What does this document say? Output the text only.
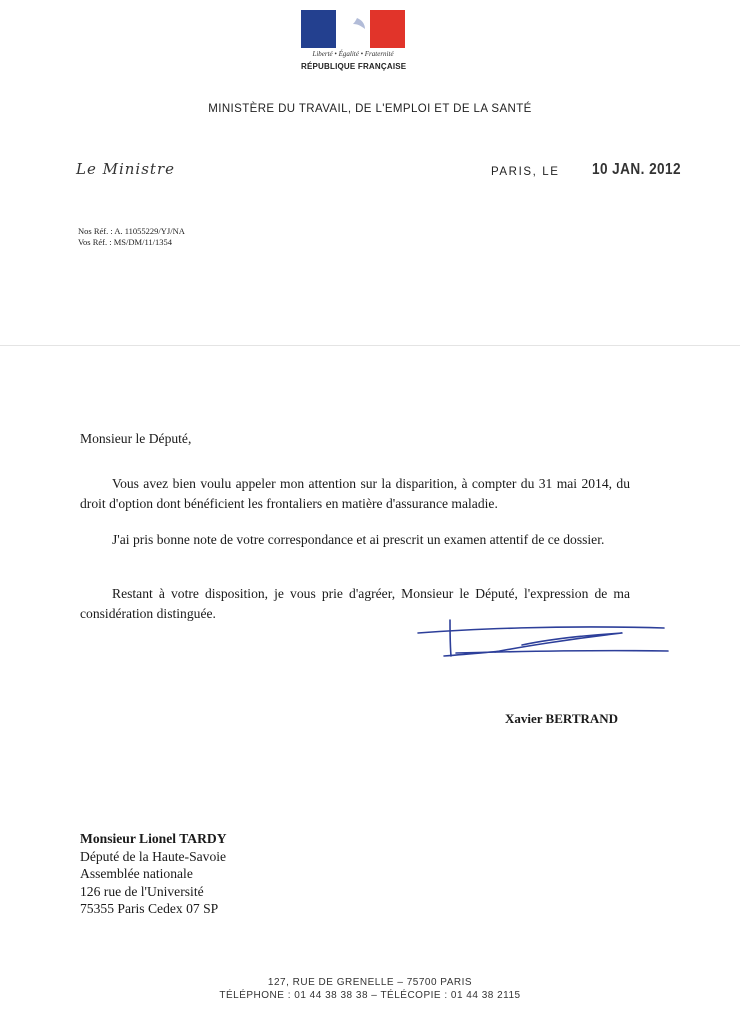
Liberté • Égalité • Fraternité
RÉPUBLIQUE FRANÇAISE
MINISTÈRE DU TRAVAIL, DE L'EMPLOI ET DE LA SANTÉ
Le Ministre	PARIS, LE 10 JAN. 2012
Nos Réf. : A. 11055229/YJ/NA
Vos Réf. : MS/DM/11/1354
Monsieur le Député,
Vous avez bien voulu appeler mon attention sur la disparition, à compter du 31 mai 2014, du droit d'option dont bénéficient les frontaliers en matière d'assurance maladie.
J'ai pris bonne note de votre correspondance et ai prescrit un examen attentif de ce dossier.
Restant à votre disposition, je vous prie d'agréer, Monsieur le Député, l'expression de ma considération distinguée.
Xavier BERTRAND
Monsieur Lionel TARDY
Député de la Haute-Savoie
Assemblée nationale
126 rue de l'Université
75355 Paris Cedex 07 SP
127, RUE DE GRENELLE – 75700 PARIS
TÉLÉPHONE : 01 44 38 38 38 – TÉLÉCOPIE : 01 44 38 2115
